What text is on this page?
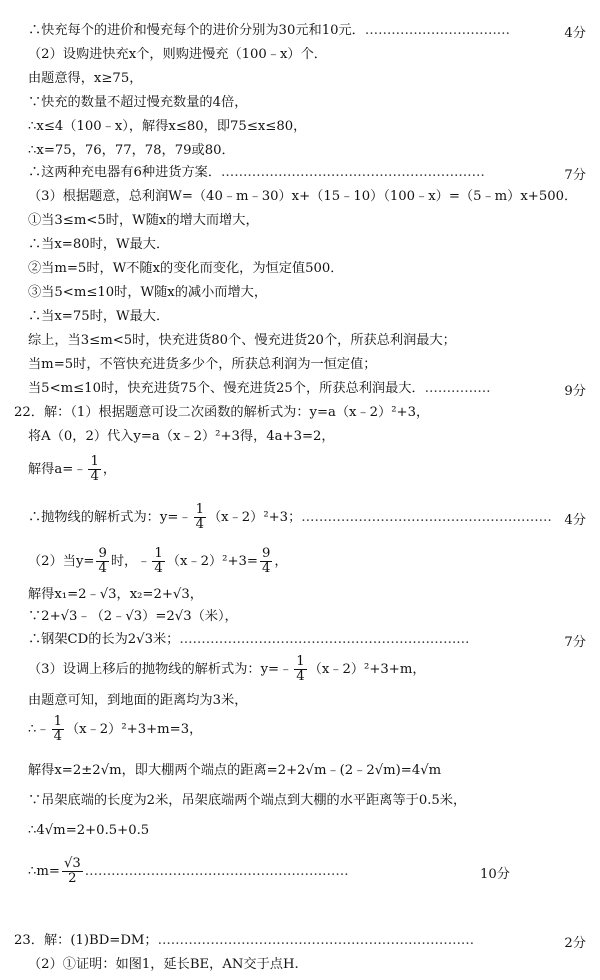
∴快充每个的进价和慢充每个的进价分别为30元和10元．……………………………	4分
（2）设购进快充x个，则购进慢充（100﹣x）个．
由题意得，x≥75，
∵快充的数量不超过慢充数量的4倍，
∴x≤4（100﹣x），解得x≤80，即75≤x≤80，
∴x=75，76，77，78，79或80．
∴这两种充电器有6种进货方案．……………………………………………………	7分
（3）根据题意，总利润W=（40﹣m﹣30）x+（15﹣10）（100﹣x）=（5﹣m）x+500．
①当3≤m<5时，W随x的增大而增大，
∴当x=80时，W最大．
②当m=5时，W不随x的变化而变化，为恒定值500．
③当5<m≤10时，W随x的减小而增大，
∴当x=75时，W最大．
综上，当3≤m<5时，快充进货80个、慢充进货20个，所获总利润最大；
当m=5时，不管快充进货多少个，所获总利润为一恒定值；
当5<m≤10时，快充进货75个、慢充进货25个，所获总利润最大．……………	9分
22．解：（1）根据题意可设二次函数的解析式为：y=a（x﹣2）²+3，
将A（0，2）代入y=a（x﹣2）²+3得，4a+3=2，
解得a=﹣ $\frac{1}{4}$ ，
∴抛物线的解析式为：y=﹣ $\frac{1}{4}$ （x﹣2）²+3；………………………………………………… 4分
（2）当$y= \frac{9}{4}$ 时，﹣ $\frac{1}{4}$ （x﹣2）²+3= $\frac{9}{4}$ ，
解得x₁=2﹣√3，x₂=2+√3，
∵2+√3﹣（2﹣√3）=2√3（米），
∴钢架CD的长为2√3米；…………………………………………………………	7分
（3）设调上移后的抛物线的解析式为：y=﹣ $\frac{1}{4}$ （x﹣2）²+3+m，
由题意可知，到地面的距离均为3米，
∴﹣ $\frac{1}{4}$ （x﹣2）²+3+m=3，
解得x=2±2√m，即大棚两个端点的距离=2+2√m﹣(2﹣2√m)=4√m
∵吊架底端的长度为2米，吊架底端两个端点到大棚的水平距离等于0.5米，
∴4√m=2+0.5+0.5
∴m= $\frac{√3}{2}$ ……………………………………………………	10分
23．解：(1)BD=DM；………………………………………………………………	2分
（2）①证明：如图1，延长BE，AN交于点H.
